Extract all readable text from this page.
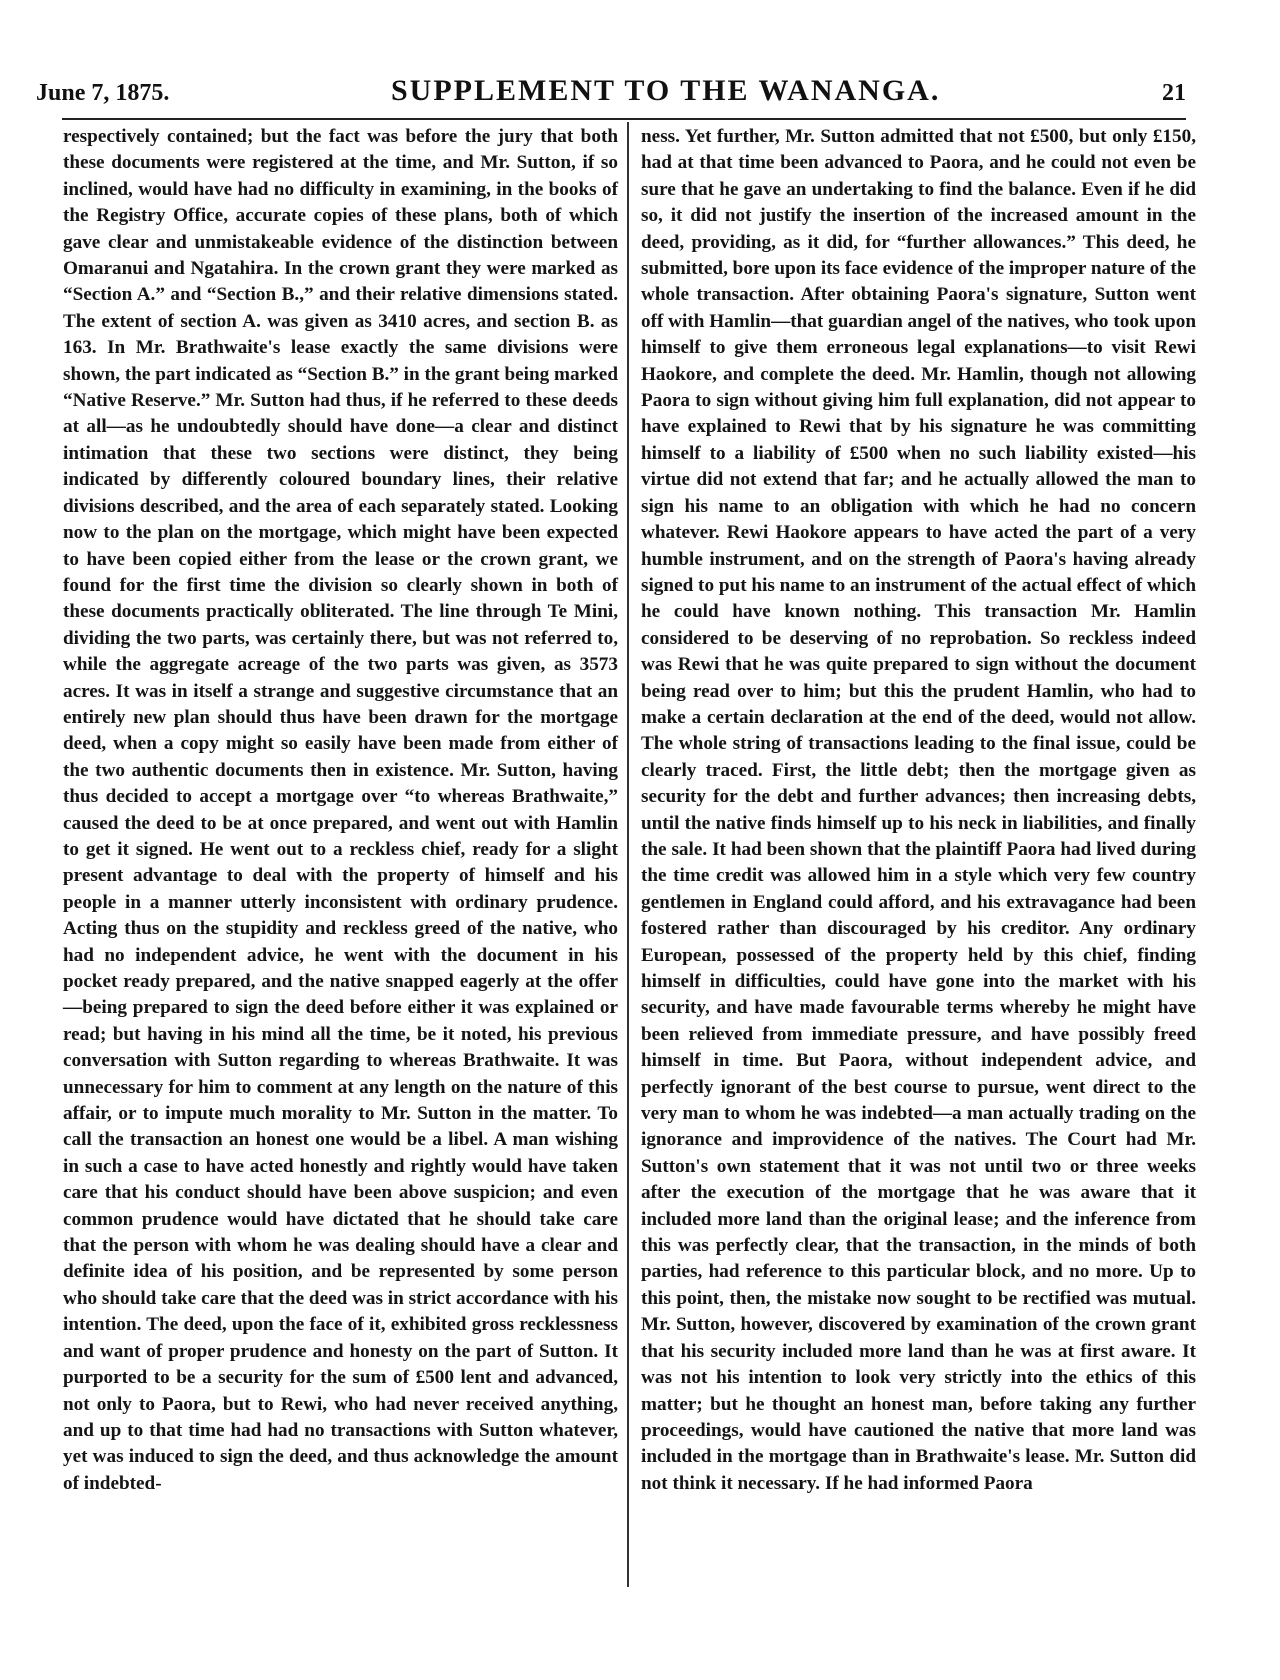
June 7, 1875.	SUPPLEMENT TO THE WANANGA.	21

respectively contained; but the fact was before the jury that both these documents were registered at the time, and Mr. Sutton, if so inclined, would have had no difficulty in examining, in the books of the Registry Office, accurate copies of these plans, both of which gave clear and unmistakeable evidence of the distinction between Omaranui and Ngatahira. In the crown grant they were marked as “Section A.” and “Section B.,” and their relative dimensions stated. The extent of section A. was given as 3410 acres, and section B. as 163. In Mr. Brathwaite's lease exactly the same divisions were shown, the part indicated as “Section B.” in the grant being marked “Native Reserve.” Mr. Sutton had thus, if he referred to these deeds at all—as he undoubtedly should have done—a clear and distinct intimation that these two sections were distinct, they being indicated by differently coloured boundary lines, their relative divisions described, and the area of each separately stated. Looking now to the plan on the mortgage, which might have been expected to have been copied either from the lease or the crown grant, we found for the first time the division so clearly shown in both of these documents practically obliterated. The line through Te Mini, dividing the two parts, was certainly there, but was not referred to, while the aggregate acreage of the two parts was given, as 3573 acres. It was in itself a strange and suggestive circumstance that an entirely new plan should thus have been drawn for the mortgage deed, when a copy might so easily have been made from either of the two authentic documents then in existence. Mr. Sutton, having thus decided to accept a mortgage over “to whereas Brathwaite,” caused the deed to be at once prepared, and went out with Hamlin to get it signed. He went out to a reckless chief, ready for a slight present advantage to deal with the property of himself and his people in a manner utterly inconsistent with ordinary prudence. Acting thus on the stupidity and reckless greed of the native, who had no independent advice, he went with the document in his pocket ready prepared, and the native snapped eagerly at the offer —being prepared to sign the deed before either it was explained or read; but having in his mind all the time, be it noted, his previous conversation with Sutton regarding to whereas Brathwaite. It was unnecessary for him to comment at any length on the nature of this affair, or to impute much morality to Mr. Sutton in the matter. To call the transaction an honest one would be a libel. A man wishing in such a case to have acted honestly and rightly would have taken care that his conduct should have been above suspicion; and even common prudence would have dictated that he should take care that the person with whom he was dealing should have a clear and definite idea of his position, and be represented by some person who should take care that the deed was in strict accordance with his intention. The deed, upon the face of it, exhibited gross recklessness and want of proper prudence and honesty on the part of Sutton. It purported to be a security for the sum of £500 lent and advanced, not only to Paora, but to Rewi, who had never received anything, and up to that time had had no transactions with Sutton whatever, yet was induced to sign the deed, and thus acknowledge the amount of indebted-

ness. Yet further, Mr. Sutton admitted that not £500, but only £150, had at that time been advanced to Paora, and he could not even be sure that he gave an undertaking to find the balance. Even if he did so, it did not justify the insertion of the increased amount in the deed, providing, as it did, for “further allowances.” This deed, he submitted, bore upon its face evidence of the improper nature of the whole transaction. After obtaining Paora's signature, Sutton went off with Hamlin—that guardian angel of the natives, who took upon himself to give them erroneous legal explanations—to visit Rewi Haokore, and complete the deed. Mr. Hamlin, though not allowing Paora to sign without giving him full explanation, did not appear to have explained to Rewi that by his signature he was committing himself to a liability of £500 when no such liability existed—his virtue did not extend that far; and he actually allowed the man to sign his name to an obligation with which he had no concern whatever. Rewi Haokore appears to have acted the part of a very humble instrument, and on the strength of Paora's having already signed to put his name to an instrument of the actual effect of which he could have known nothing. This transaction Mr. Hamlin considered to be deserving of no reprobation. So reckless indeed was Rewi that he was quite prepared to sign without the document being read over to him; but this the prudent Hamlin, who had to make a certain declaration at the end of the deed, would not allow. The whole string of transactions leading to the final issue, could be clearly traced. First, the little debt; then the mortgage given as security for the debt and further advances; then increasing debts, until the native finds himself up to his neck in liabilities, and finally the sale. It had been shown that the plaintiff Paora had lived during the time credit was allowed him in a style which very few country gentlemen in England could afford, and his extravagance had been fostered rather than discouraged by his creditor. Any ordinary European, possessed of the property held by this chief, finding himself in difficulties, could have gone into the market with his security, and have made favourable terms whereby he might have been relieved from immediate pressure, and have possibly freed himself in time. But Paora, without independent advice, and perfectly ignorant of the best course to pursue, went direct to the very man to whom he was indebted—a man actually trading on the ignorance and improvidence of the natives. The Court had Mr. Sutton's own statement that it was not until two or three weeks after the execution of the mortgage that he was aware that it included more land than the original lease; and the inference from this was perfectly clear, that the transaction, in the minds of both parties, had reference to this particular block, and no more. Up to this point, then, the mistake now sought to be rectified was mutual. Mr. Sutton, however, discovered by examination of the crown grant that his security included more land than he was at first aware. It was not his intention to look very strictly into the ethics of this matter; but he thought an honest man, before taking any further proceedings, would have cautioned the native that more land was included in the mortgage than in Brathwaite's lease. Mr. Sutton did not think it necessary. If he had informed Paora
